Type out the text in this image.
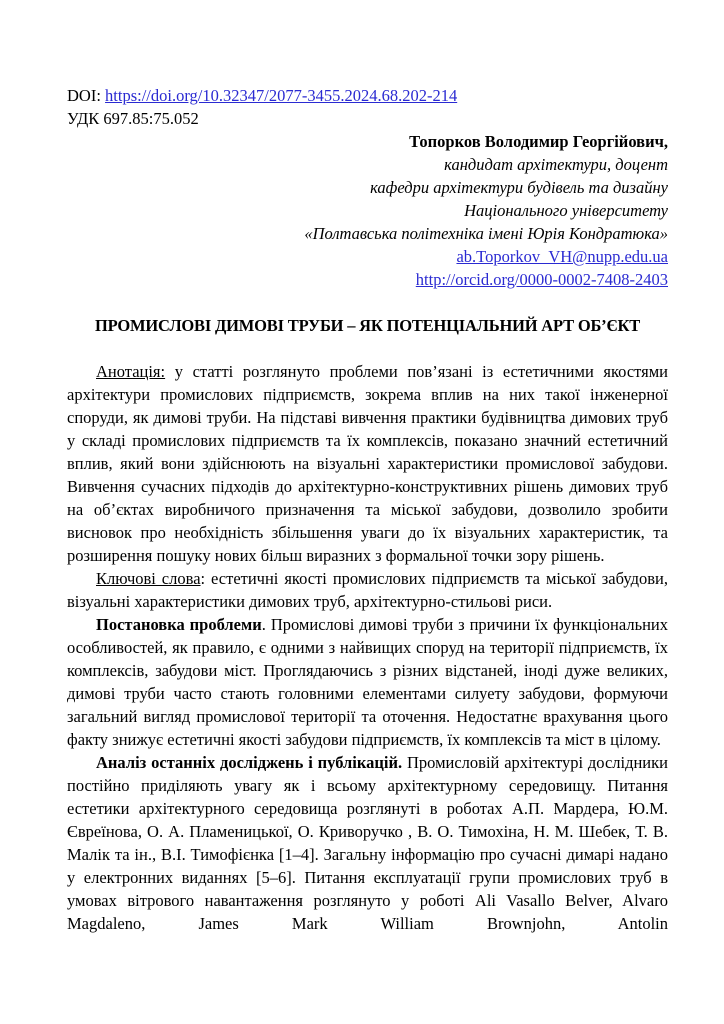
DOI: https://doi.org/10.32347/2077-3455.2024.68.202-214

УДК 697.85:75.052

Топорков Володимир Георгійович,

кандидат архітектури, доцент

кафедри архітектури будівель та дизайну

Національного університету

«Полтавська політехніка імені Юрія Кондратюка»

ab.Toporkov_VH@nupp.edu.ua

http://orcid.org/0000-0002-7408-2403

ПРОМИСЛОВІ ДИМОВІ ТРУБИ – ЯК ПОТЕНЦІАЛЬНИЙ АРТ ОБ’ЄКТ

Анотація: у статті розглянуто проблеми пов’язані із естетичними якостями архітектури промислових підприємств, зокрема вплив на них такої інженерної споруди, як димові труби. На підставі вивчення практики будівництва димових труб у складі промислових підприємств та їх комплексів, показано значний естетичний вплив, який вони здійснюють на візуальні характеристики промислової забудови. Вивчення сучасних підходів до архітектурно-конструктивних рішень димових труб на об’єктах виробничого призначення та міської забудови, дозволило зробити висновок про необхідність збільшення уваги до їх візуальних характеристик, та розширення пошуку нових більш виразних з формальної точки зору рішень.

Ключові слова: естетичні якості промислових підприємств та міської забудови, візуальні характеристики димових труб, архітектурно-стильові риси.

Постановка проблеми. Промислові димові труби з причини їх функціональних особливостей, як правило, є одними з найвищих споруд на території підприємств, їх комплексів, забудови міст. Проглядаючись з різних відстаней, іноді дуже великих, димові труби часто стають головними елементами силуету забудови, формуючи загальний вигляд промислової території та оточення. Недостатнє врахування цього факту знижує естетичні якості забудови підприємств, їх комплексів та міст в цілому.

Аналіз останніх досліджень і публікацій. Промисловій архітектурі дослідники постійно приділяють увагу як і всьому архітектурному середовищу. Питання естетики архітектурного середовища розглянуті в роботах А.П. Мардера, Ю.М. Євреїнова, О. А. Пламеницької, О. Криворучко , В. О. Тимохіна, Н. М. Шебек, Т. В. Малік та ін., В.І. Тимофієнка [1–4]. Загальну інформацію про сучасні димарі надано у електронних виданнях [5–6]. Питання експлуатації групи промислових труб в умовах вітрового навантаження розглянуто у роботі Ali Vasallo Belver, Alvaro Magdaleno, James Mark William Brownjohn, Antolin
